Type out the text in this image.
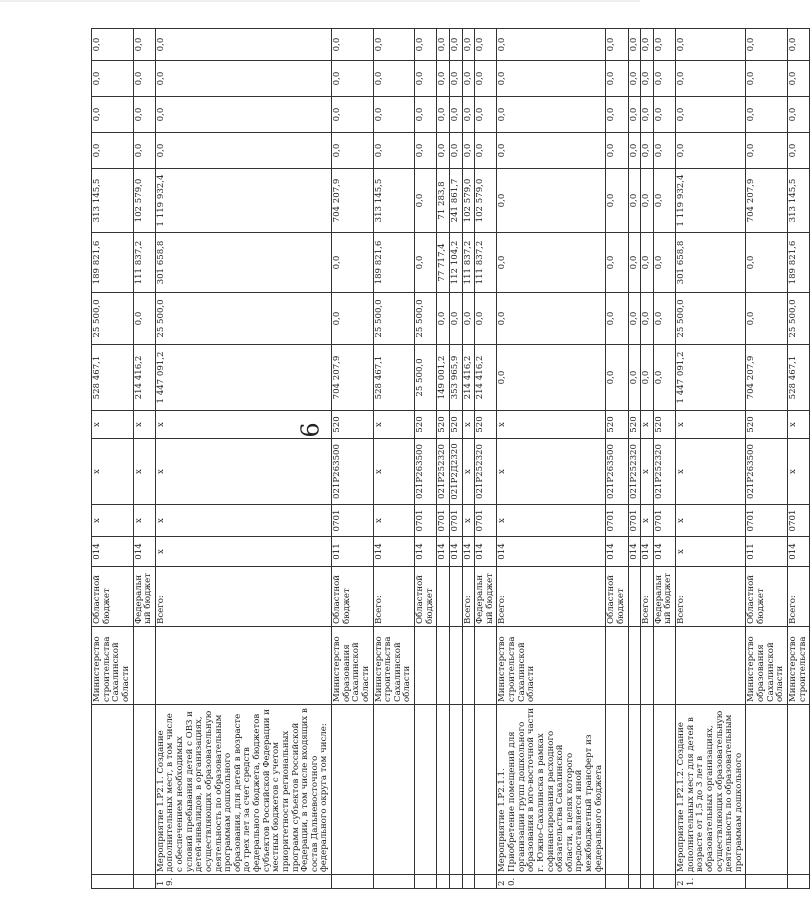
6
		Министерство строительства Сахалинской области	Областной бюджет	014	x	x	x	528 467,1	25 500,0	189 821,6	313 145,5	0,0	0,0	0,0	0,0
			Федеральный бюджет	014	x	x	x	214 416,2	0,0	111 837,2	102 579,0	0,0	0,0	0,0	0,0
19.	Мероприятие 1.Р2.1. Создание дополнительных мест, в том числе с обеспечением необходимых условий пребывания детей с ОВЗ и детей-инвалидов, в организациях, осуществляющих образовательную деятельность по образовательным программам дошкольного образования, для детей в возрасте до трех лет за счет средств федерального бюджета, бюджетов субъектов Российской Федерации и местных бюджетов с учетом приоритетности региональных программ субъектов Российской Федерации, в том числе входящих в состав Дальневосточного федерального округа том числе:		Всего:	x	x	x	x	1 447 091,2	25 500,0	301 658,8	1 119 932,4	0,0	0,0	0,0	0,0
		Министерство образования Сахалинской области	Областной бюджет	011	0701	021Р263500	520	704 207,9	0,0	0,0	704 207,9	0,0	0,0	0,0	0,0
		Министерство строительства Сахалинской области	Всего:	014	x	x	x	528 467,1	25 500,0	189 821,6	313 145,5	0,0	0,0	0,0	0,0
			Областной бюджет	014	0701	021Р263500	520	25 500,0	25 500,0	0,0	0,0	0,0	0,0	0,0	0,0
				014	0701	021Р252320	520	149 001,2	0,0	77 717,4	71 283,8	0,0	0,0	0,0	0,0
				014	0701	021Р2Д2320	520	353 965,9	0,0	112 104,2	241 861,7	0,0	0,0	0,0	0,0
			Всего:	014	x	x	x	214 416,2	0,0	111 837,2	102 579,0	0,0	0,0	0,0	0,0
			Федеральный бюджет	014	0701	021Р252320	520	214 416,2	0,0	111 837,2	102 579,0	0,0	0,0	0,0	0,0
20.	Мероприятие 1.Р2.1.1. Приобретение помещений для организации групп дошкольного образования в юго-восточной части г. Южно-Сахалинска в рамках софинансирования расходного обязательства Сахалинской области, в целях которого предоставляется иной межбюджетный трансферт из федерального бюджета	Министерство строительства Сахалинской области	Всего:	014	x	x	x	0,0	0,0	0,0	0,0	0,0	0,0	0,0	0,0
			Областной бюджет	014	0701	021Р263500	520	0,0	0,0	0,0	0,0	0,0	0,0	0,0	0,0
				014	0701	021Р252320	520	0,0	0,0	0,0	0,0	0,0	0,0	0,0	0,0
			Всего:	014	x	x	x	0,0	0,0	0,0	0,0	0,0	0,0	0,0	0,0
			Федеральный бюджет	014	0701	021Р252320	520	0,0	0,0	0,0	0,0	0,0	0,0	0,0	0,0
21.	Мероприятие 1.Р2.1.2. Создание дополнительных мест для детей в возрасте от 1,5 до 3 лет в образовательных организациях, осуществляющих образовательную деятельность по образовательным программам дошкольного		Всего:	x	x	x	x	1 447 091,2	25 500,0	301 658,8	1 119 932,4	0,0	0,0	0,0	0,0
		Министерство образования Сахалинской области	Областной бюджет	011	0701	021Р263500	520	704 207,9	0,0	0,0	704 207,9	0,0	0,0	0,0	0,0
		Министерство строительства	Всего:	014	0701	x	x	528 467,1	25 500,0	189 821,6	313 145,5	0,0	0,0	0,0	0,0
